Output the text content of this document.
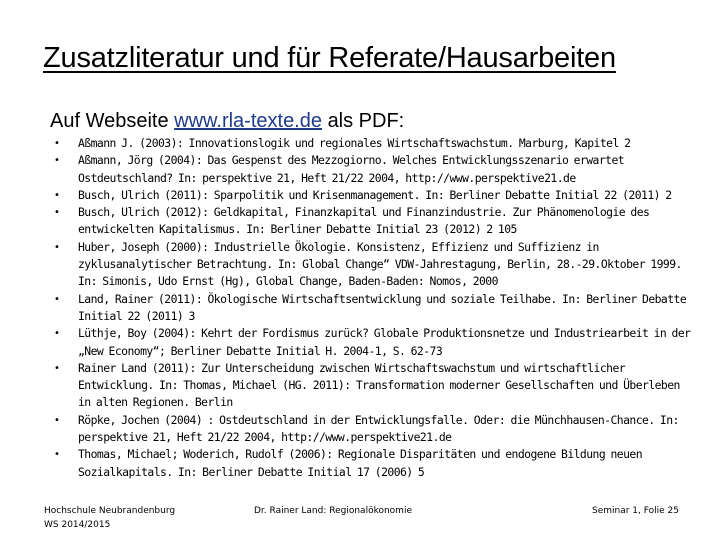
Zusatzliteratur und für Referate/Hausarbeiten
Auf Webseite www.rla-texte.de als PDF:
• Aßmann J. (2003): Innovationslogik und regionales Wirtschaftswachstum. Marburg, Kapitel 2
• Aßmann, Jörg (2004): Das Gespenst des Mezzogiorno. Welches Entwicklungsszenario erwartet Ostdeutschland? In: perspektive 21, Heft 21/22 2004, http://www.perspektive21.de
• Busch, Ulrich (2011): Sparpolitik und Krisenmanagement. In: Berliner Debatte Initial 22 (2011) 2
• Busch, Ulrich (2012): Geldkapital, Finanzkapital und Finanzindustrie. Zur Phänomenologie des entwickelten Kapitalismus. In: Berliner Debatte Initial 23 (2012) 2 105
• Huber, Joseph (2000): Industrielle Ökologie. Konsistenz, Effizienz und Suffizienz in zyklusanalytischer Betrachtung. In: Global Change“ VDW-Jahrestagung, Berlin, 28.-29.Oktober 1999. In: Simonis, Udo Ernst (Hg), Global Change, Baden-Baden: Nomos, 2000
• Land, Rainer (2011): Ökologische Wirtschaftsentwicklung und soziale Teilhabe. In: Berliner Debatte Initial 22 (2011) 3
• Lüthje, Boy (2004): Kehrt der Fordismus zurück? Globale Produktionsnetze und Industriearbeit in der „New Economy“; Berliner Debatte Initial H. 2004-1, S. 62-73
• Rainer Land (2011): Zur Unterscheidung zwischen Wirtschaftswachstum und wirtschaftlicher Entwicklung. In: Thomas, Michael (HG. 2011): Transformation moderner Gesellschaften und Überleben in alten Regionen. Berlin
• Röpke, Jochen (2004) : Ostdeutschland in der Entwicklungsfalle. Oder: die Münchhausen-Chance. In: perspektive 21, Heft 21/22 2004, http://www.perspektive21.de
• Thomas, Michael; Woderich, Rudolf (2006): Regionale Disparitäten und endogene Bildung neuen Sozialkapitals. In: Berliner Debatte Initial 17 (2006) 5
Hochschule Neubrandenburg
WS 2014/2015
Dr. Rainer Land: Regionalökonomie	Seminar 1, Folie 25
